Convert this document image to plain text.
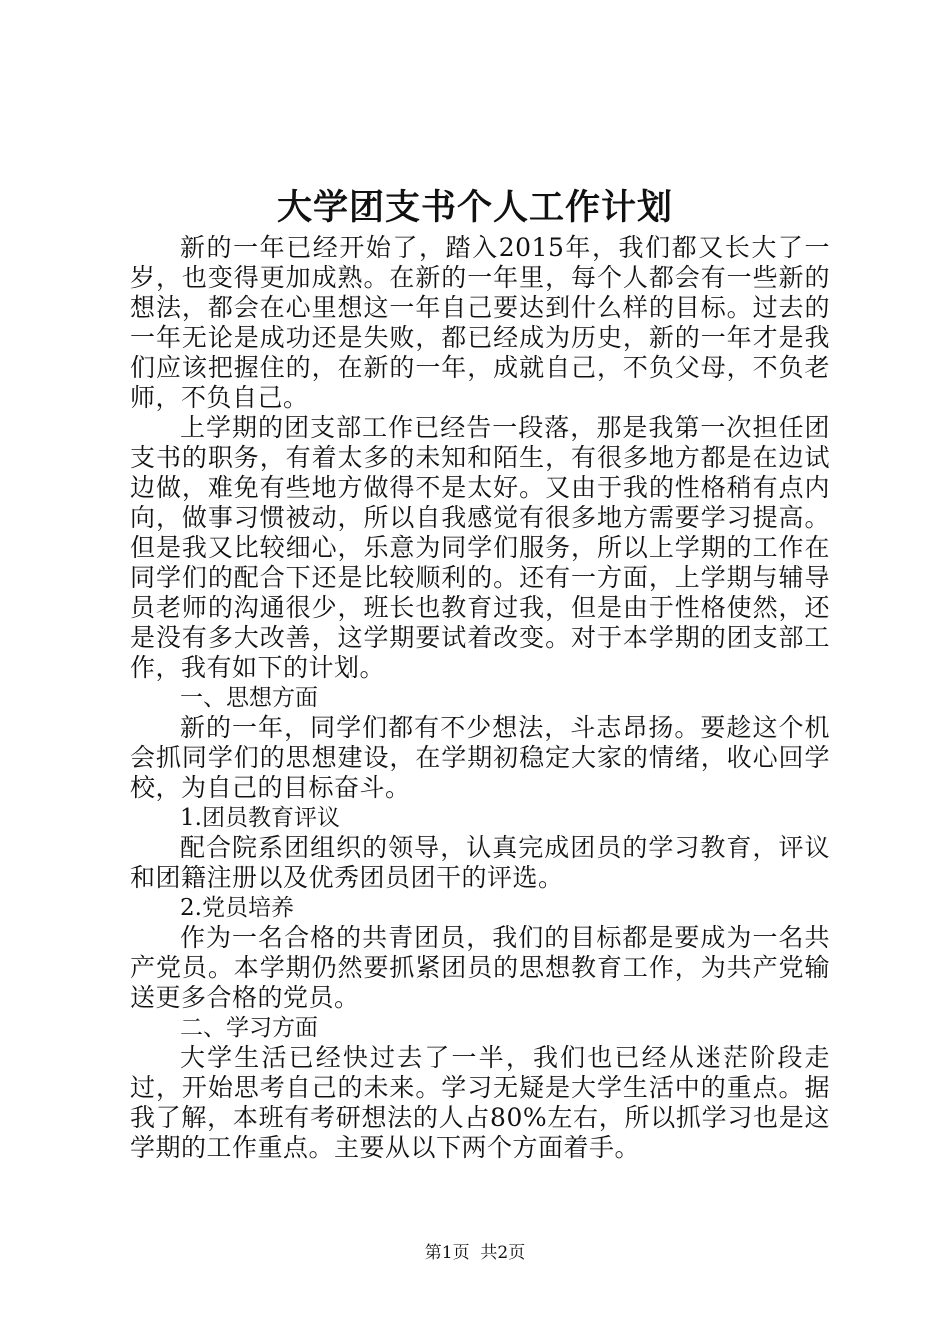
大学团支书个人工作计划

新的一年已经开始了，踏入2015年，我们都又长大了一岁，也变得更加成熟。在新的一年里，每个人都会有一些新的想法，都会在心里想这一年自己要达到什么样的目标。过去的一年无论是成功还是失败，都已经成为历史，新的一年才是我们应该把握住的，在新的一年，成就自己，不负父母，不负老师，不负自己。

上学期的团支部工作已经告一段落，那是我第一次担任团支书的职务，有着太多的未知和陌生，有很多地方都是在边试边做，难免有些地方做得不是太好。又由于我的性格稍有点内向，做事习惯被动，所以自我感觉有很多地方需要学习提高。但是我又比较细心，乐意为同学们服务，所以上学期的工作在同学们的配合下还是比较顺利的。还有一方面，上学期与辅导员老师的沟通很少，班长也教育过我，但是由于性格使然，还是没有多大改善，这学期要试着改变。对于本学期的团支部工作，我有如下的计划。

一、思想方面

新的一年，同学们都有不少想法，斗志昂扬。要趁这个机会抓同学们的思想建设，在学期初稳定大家的情绪，收心回学校，为自己的目标奋斗。

1.团员教育评议

配合院系团组织的领导，认真完成团员的学习教育，评议和团籍注册以及优秀团员团干的评选。

2.党员培养

作为一名合格的共青团员，我们的目标都是要成为一名共产党员。本学期仍然要抓紧团员的思想教育工作，为共产党输送更多合格的党员。

二、学习方面

大学生活已经快过去了一半，我们也已经从迷茫阶段走过，开始思考自己的未来。学习无疑是大学生活中的重点。据我了解，本班有考研想法的人占80%左右，所以抓学习也是这学期的工作重点。主要从以下两个方面着手。

第1页 共2页
